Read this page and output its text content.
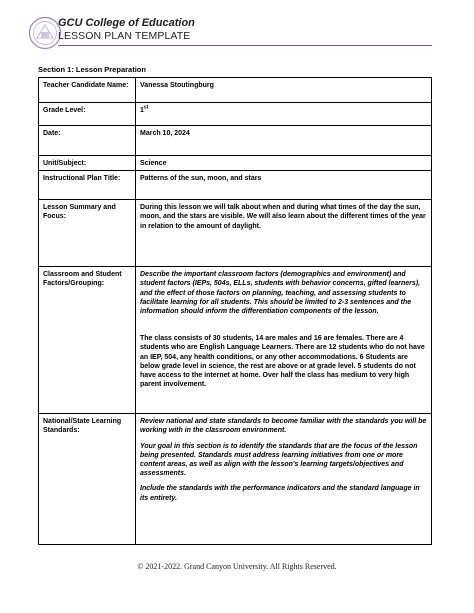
GCU College of Education
LESSON PLAN TEMPLATE
Section 1: Lesson Preparation
Teacher Candidate Name:	Vanessa Stoutingburg
Grade Level:	1st
Date:	March 10, 2024
Unit/Subject:	Science
Instructional Plan Title:	Patterns of the sun, moon, and stars
Lesson Summary and Focus:	During this lesson we will talk about when and during what times of the day the sun, moon, and the stars are visible. We will also learn about the different times of the year in relation to the amount of daylight.
Classroom and Student Factors/Grouping:	Describe the important classroom factors (demographics and environment) and student factors (IEPs, 504s, ELLs, students with behavior concerns, gifted learners), and the effect of those factors on planning, teaching, and assessing students to facilitate learning for all students. This should be limited to 2-3 sentences and the information should inform the differentiation components of the lesson.

The class consists of 30 students, 14 are males and 16 are females. There are 4 students who are English Language Learners. There are 12 students who do not have an IEP, 504, any health conditions, or any other accommodations. 6 Students are below grade level in science, the rest are above or at grade level. 5 students do not have access to the internet at home. Over half the class has medium to very high parent involvement.

National/State Learning Standards:	Review national and state standards to become familiar with the standards you will be working with in the classroom environment.

Your goal in this section is to identify the standards that are the focus of the lesson being presented. Standards must address learning initiatives from one or more content areas, as well as align with the lesson's learning targets/objectives and assessments.

Include the standards with the performance indicators and the standard language in its entirety.

© 2021-2022. Grand Canyon University. All Rights Reserved.
